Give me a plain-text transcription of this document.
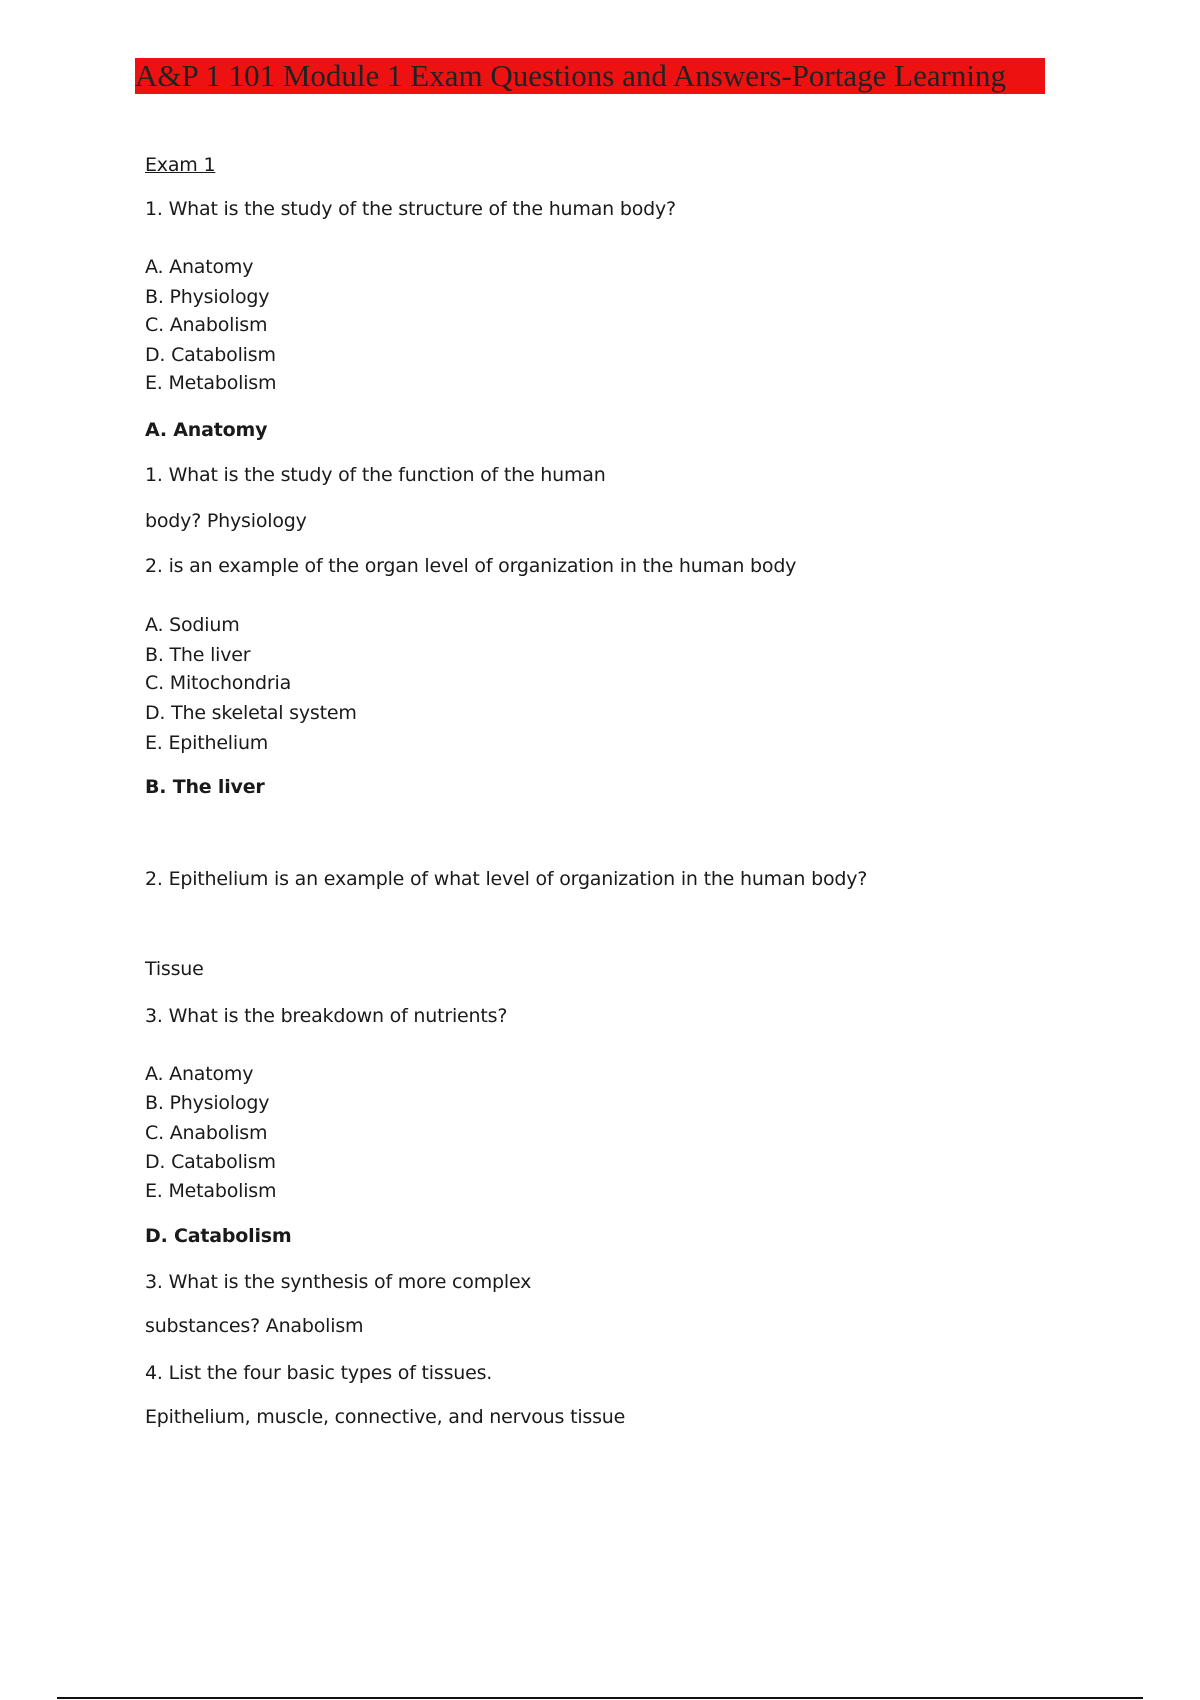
A&P 1 101 Module 1 Exam Questions and Answers-Portage Learning
Exam 1
1. What is the study of the structure of the human body?
A. Anatomy
B. Physiology
C. Anabolism
D. Catabolism
E. Metabolism
A. Anatomy
1. What is the study of the function of the human
body? Physiology
2. is an example of the organ level of organization in the human body
A. Sodium
B. The liver
C. Mitochondria
D. The skeletal system
E. Epithelium
B. The liver
2. Epithelium is an example of what level of organization in the human body?
Tissue
3. What is the breakdown of nutrients?
A. Anatomy
B. Physiology
C. Anabolism
D. Catabolism
E. Metabolism
D. Catabolism
3. What is the synthesis of more complex
substances? Anabolism
4. List the four basic types of tissues.
Epithelium, muscle, connective, and nervous tissue
